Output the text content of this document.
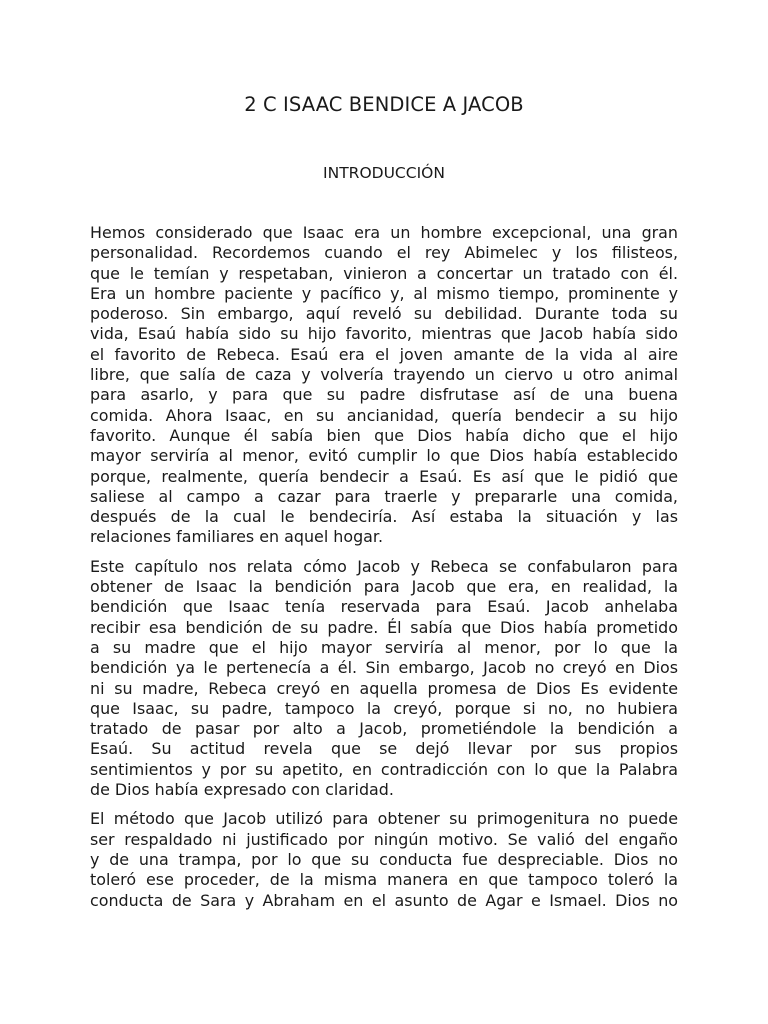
2 C ISAAC BENDICE A JACOB
INTRODUCCIÓN

Hemos considerado que Isaac era un hombre excepcional, una gran
personalidad. Recordemos cuando el rey Abimelec y los filisteos,
que le temían y respetaban, vinieron a concertar un tratado con él.
Era un hombre paciente y pacífico y, al mismo tiempo, prominente y
poderoso. Sin embargo, aquí reveló su debilidad. Durante toda su
vida, Esaú había sido su hijo favorito, mientras que Jacob había sido
el favorito de Rebeca. Esaú era el joven amante de la vida al aire
libre, que salía de caza y volvería trayendo un ciervo u otro animal
para asarlo, y para que su padre disfrutase así de una buena
comida. Ahora Isaac, en su ancianidad, quería bendecir a su hijo
favorito. Aunque él sabía bien que Dios había dicho que el hijo
mayor serviría al menor, evitó cumplir lo que Dios había establecido
porque, realmente, quería bendecir a Esaú. Es así que le pidió que
saliese al campo a cazar para traerle y prepararle una comida,
después de la cual le bendeciría. Así estaba la situación y las
relaciones familiares en aquel hogar.

Este capítulo nos relata cómo Jacob y Rebeca se confabularon para
obtener de Isaac la bendición para Jacob que era, en realidad, la
bendición que Isaac tenía reservada para Esaú. Jacob anhelaba
recibir esa bendición de su padre. Él sabía que Dios había prometido
a su madre que el hijo mayor serviría al menor, por lo que la
bendición ya le pertenecía a él. Sin embargo, Jacob no creyó en Dios
ni su madre, Rebeca creyó en aquella promesa de Dios Es evidente
que Isaac, su padre, tampoco la creyó, porque si no, no hubiera
tratado de pasar por alto a Jacob, prometiéndole la bendición a
Esaú. Su actitud revela que se dejó llevar por sus propios
sentimientos y por su apetito, en contradicción con lo que la Palabra
de Dios había expresado con claridad.

El método que Jacob utilizó para obtener su primogenitura no puede
ser respaldado ni justificado por ningún motivo. Se valió del engaño
y de una trampa, por lo que su conducta fue despreciable. Dios no
toleró ese proceder, de la misma manera en que tampoco toleró la
conducta de Sara y Abraham en el asunto de Agar e Ismael. Dios no
